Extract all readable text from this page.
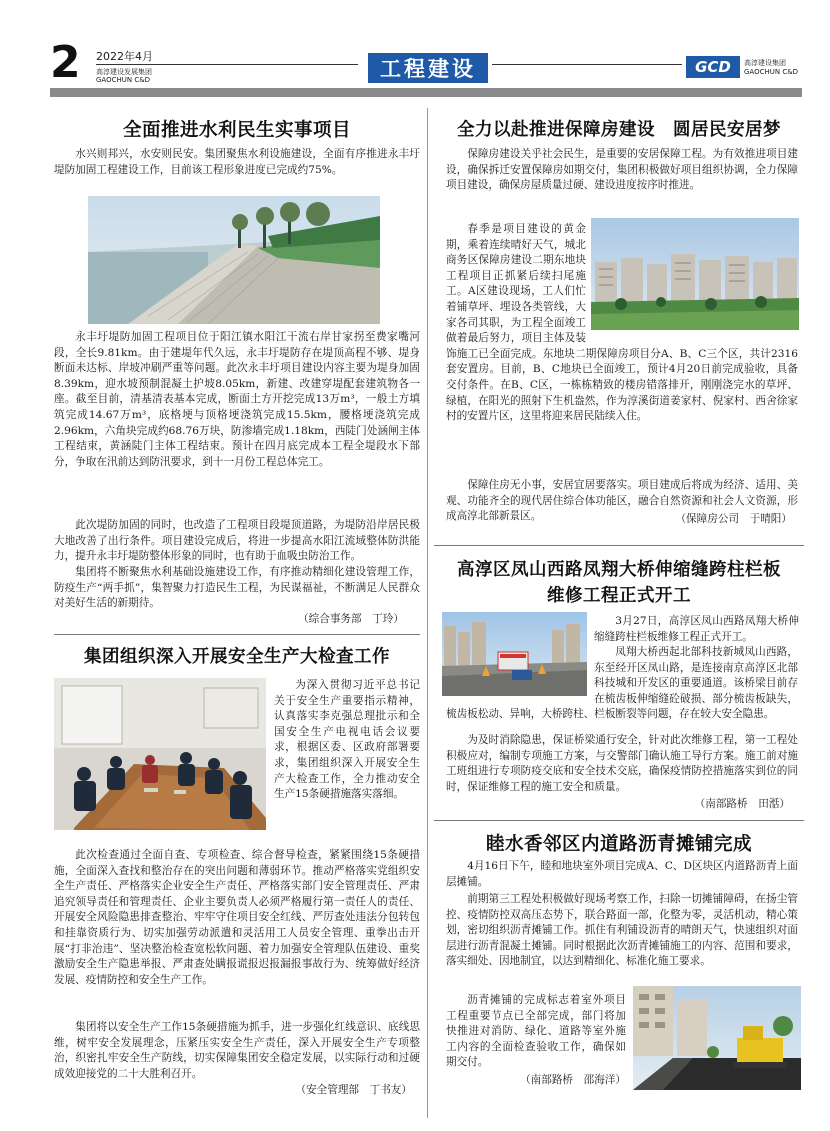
2 2022年4月
高淳建设发展集团
GAOCHUN C&D	工程建设	GCD 高淳建设集团
GAOCHUN C&D
全面推进水利民生实事项目
水兴则邦兴，水安则民安。集团聚焦水利设施建设，全面有序推进永丰圩堤防加固工程建设工作，目前该工程形象进度已完成约75%。
永丰圩堤防加固工程项目位于阳江镇水阳江干流右岸甘家拐至费家嘴河段，全长9.81km。由于建堤年代久远，永丰圩堤防存在堤顶高程不够、堤身断面未达标、岸坡冲刷严重等问题。此次永丰圩项目建设内容主要为堤身加固8.39km，迎水坡预制混凝土护坡8.05km，新建、改建穿堤配套建筑物各一座。截至目前，清基清表基本完成，断面土方开挖完成13万m³，一般土方填筑完成14.67万m³，底格埂与顶格埂浇筑完成15.5km，腰格埂浇筑完成2.96km，六角块完成约68.76万块，防渗墙完成1.18km，西陡门处涵闸主体工程结束，黄涵陡门主体工程结束。预计在四月底完成本工程全堤段水下部分，争取在汛前达到防汛要求，到十一月份工程总体完工。
此次堤防加固的同时，也改造了工程项目段堤顶道路，为堤防沿岸居民极大地改善了出行条件。项目建设完成后，将进一步提高水阳江流域整体防洪能力，提升永丰圩堤防整体形象的同时，也有助于血吸虫防治工作。
集团将不断聚焦水利基础设施建设工作，有序推动精细化建设管理工作，防疫生产“两手抓”，集智聚力打造民生工程，为民谋福祉，不断满足人民群众对美好生活的新期待。
（综合事务部　丁玲）
集团组织深入开展安全生产大检查工作
为深入贯彻习近平总书记关于安全生产重要指示精神，认真落实李克强总理批示和全国安全生产电视电话会议要求，根据区委、区政府部署要求，集团组织深入开展安全生产大检查工作，全力推动安全生产15条硬措施落实落细。
此次检查通过全面自查、专项检查、综合督导检查，紧紧围绕15条硬措施，全面深入查找和整治存在的突出问题和薄弱环节。推动严格落实党组织安全生产责任、严格落实企业安全生产责任、严格落实部门安全管理责任、严肃追究领导责任和管理责任、企业主要负责人必须严格履行第一责任人的责任、开展安全风险隐患排查整治、牢牢守住项目安全红线、严厉查处违法分包转包和挂靠资质行为、切实加强劳动派遣和灵活用工人员安全管理、重拳出击开展“打非治违”、坚决整治检查宽松软问题、着力加强安全管理队伍建设、重奖激励安全生产隐患举报、严肃查处瞒报谎报迟报漏报事故行为、统筹做好经济发展、疫情防控和安全生产工作。
集团将以安全生产工作15条硬措施为抓手，进一步强化红线意识、底线思维，树牢安全发展理念，压紧压实安全生产责任，深入开展安全生产专项整治，织密扎牢安全生产防线，切实保障集团安全稳定发展，以实际行动和过硬成效迎接党的二十大胜利召开。
（安全管理部　丁书友）
全力以赴推进保障房建设　圆居民安居梦
保障房建设关乎社会民生，是重要的安居保障工程。为有效推进项目建设，确保拆迁安置保障房如期交付，集团积极做好项目组织协调，全力保障项目建设，确保房屋质量过硬、建设进度按序时推进。
春季是项目建设的黄金期，乘着连续晴好天气，城北商务区保障房建设二期东地块工程项目正抓紧后续扫尾施工。A区建设现场，工人们忙着铺草坪、埋设各类管线，大家各司其职，为工程全面竣工做着最后努力，项目主体及装饰施工已全面完成。东地块二期保障房项目分A、B、C三个区，共计2316套安置房。目前，B、C地块已全面竣工，预计4月20日前完成验收，具备交付条件。在B、C区，一栋栋精致的楼房错落排开，刚刚浇完水的草坪、绿植，在阳光的照射下生机盎然，作为淳溪街道姜家村、倪家村、西舍徐家村的安置片区，这里将迎来居民陆续入住。
保障住房无小事，安居宜居要落实。项目建成后将成为经济、适用、美观、功能齐全的现代居住综合体功能区，融合自然资源和社会人文资源，形成高淳北部新景区。	（保障房公司　于晴阳）
高淳区凤山西路凤翔大桥伸缩缝跨柱栏板
维修工程正式开工
3月27日，高淳区凤山西路凤翔大桥伸缩缝跨柱栏板维修工程正式开工。
凤翔大桥西起北部科技新城凤山西路，东至经开区凤山路，是连接南京高淳区北部科技城和开发区的重要通道。该桥梁目前存在梳齿板伸缩缝砼破损、部分梳齿板缺失，梳齿板松动、异响，大桥跨柱、栏板断裂等问题，存在较大安全隐患。
为及时消除隐患，保证桥梁通行安全，针对此次维修工程，第一工程处积极应对，编制专项施工方案，与交警部门确认施工导行方案。施工前对施工班组进行专项防疫交底和安全技术交底，确保疫情防控措施落实到位的同时，保证维修工程的施工安全和质量。
（南部路桥　田湉）
睦水香邻区内道路沥青摊铺完成
4月16日下午，睦和地块室外项目完成A、C、D区块区内道路沥青上面层摊铺。
前期第三工程处积极做好现场考察工作，扫除一切摊铺障碍，在扬尘管控、疫情防控双高压态势下，联合路面一部，化整为零，灵活机动，精心策划，密切组织沥青摊铺工作。抓住有利铺设沥青的晴朗天气，快速组织对面层进行沥青混凝土摊铺。同时根据此次沥青摊铺施工的内容、范围和要求，落实细处、因地制宜，以达到精细化、标准化施工要求。
沥青摊铺的完成标志着室外项目工程重要节点已全部完成，部门将加快推进对消防、绿化、道路等室外施工内容的全面检查验收工作，确保如期交付。
（南部路桥　邵海洋）
